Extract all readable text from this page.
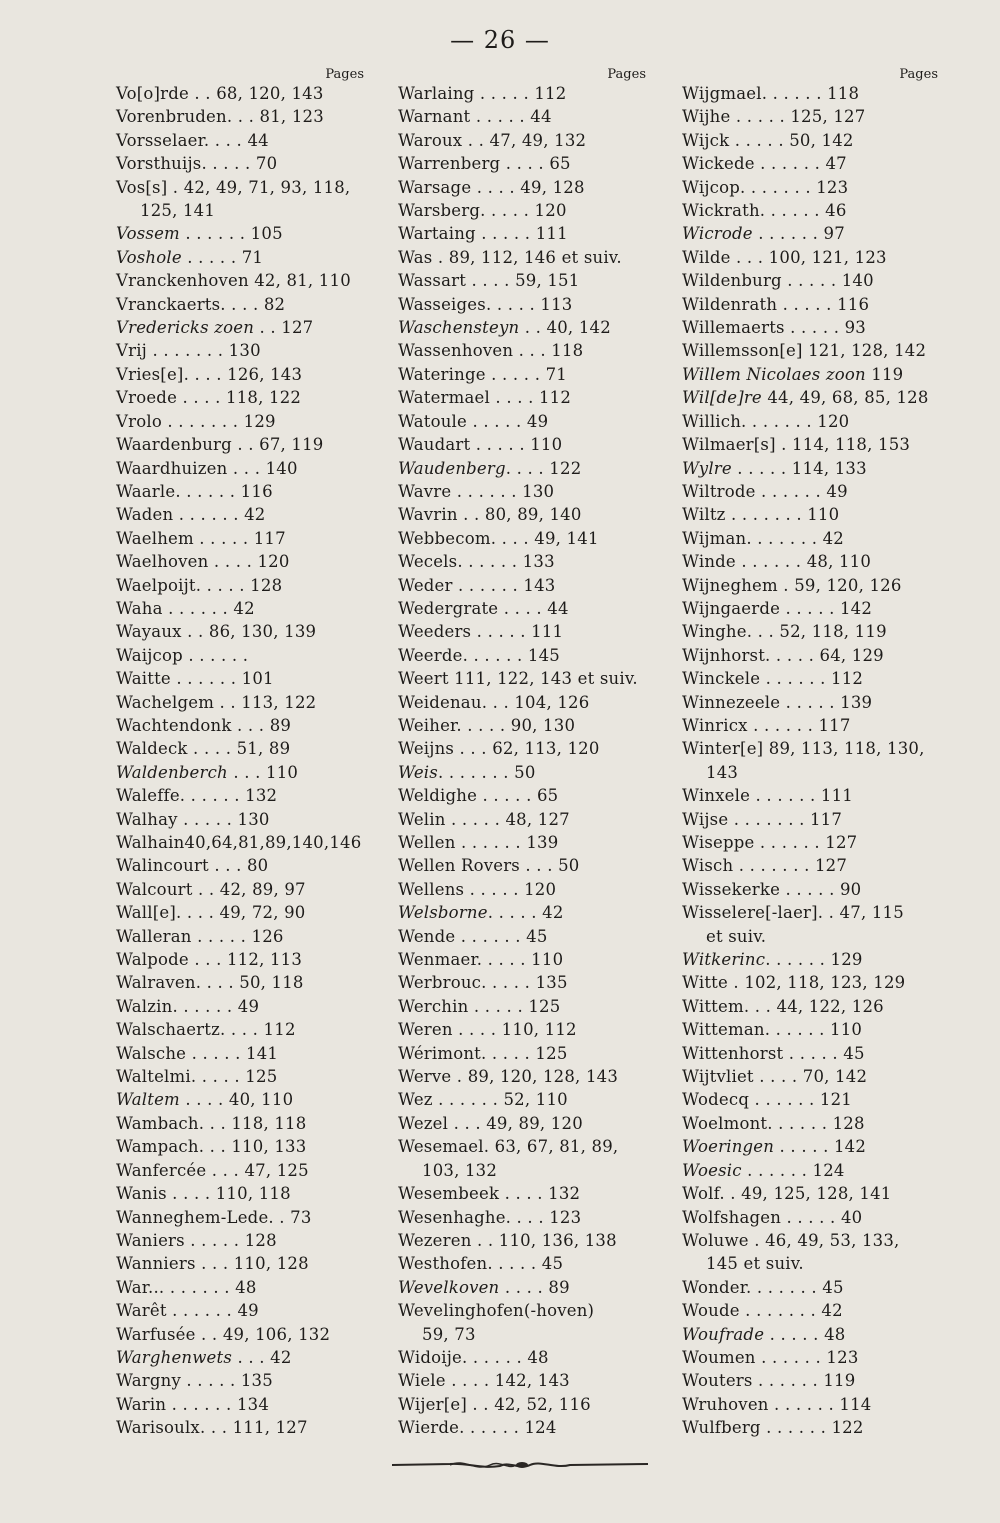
— 26 —
Pages
Vo[o]rde . . 68, 120, 143
Vorenbruden. . . 81, 123
Vorsselaer. . . . 44
Vorsthuijs. . . . . 70
Vos[s] . 42, 49, 71, 93, 118,
125, 141
Vossem . . . . . . 105
Voshole . . . . . 71
Vranckenhoven 42, 81, 110
Vranckaerts. . . . 82
Vredericks zoen . . 127
Vrij . . . . . . . 130
Vries[e]. . . . 126, 143
Vroede . . . . 118, 122
Vrolo . . . . . . . 129
Waardenburg . . 67, 119
Waardhuizen . . . 140
Waarle. . . . . . 116
Waden . . . . . . 42
Waelhem . . . . . 117
Waelhoven . . . . 120
Waelpoijt. . . . . 128
Waha . . . . . . 42
Wayaux . . 86, 130, 139
Waijcop . . . . . .
Waitte . . . . . . 101
Wachelgem . . 113, 122
Wachtendonk . . . 89
Waldeck . . . . 51, 89
Waldenberch . . . 110
Waleffe. . . . . . 132
Walhay . . . . . 130
Walhain40,64,81,89,140,146
Walincourt . . . 80
Walcourt . . 42, 89, 97
Wall[e]. . . . 49, 72, 90
Walleran . . . . . 126
Walpode . . . 112, 113
Walraven. . . . 50, 118
Walzin. . . . . . 49
Walschaertz. . . . 112
Walsche . . . . . 141
Waltelmi. . . . . 125
Waltem . . . . 40, 110
Wambach. . . 118, 118
Wampach. . . 110, 133
Wanfercée . . . 47, 125
Wanis . . . . 110, 118
Wanneghem-Lede. . 73
Waniers . . . . . 128
Wanniers . . . 110, 128
War... . . . . . . 48
Warêt . . . . . . 49
Warfusée . . 49, 106, 132
Warghenwets . . . 42
Wargny . . . . . 135
Warin . . . . . . 134
Warisoulx. . . 111, 127
Pages
Warlaing . . . . . 112
Warnant . . . . . 44
Waroux . . 47, 49, 132
Warrenberg . . . . 65
Warsage . . . . 49, 128
Warsberg. . . . . 120
Wartaing . . . . . 111
Was . 89, 112, 146 et suiv.
Wassart . . . . 59, 151
Wasseiges. . . . . 113
Waschensteyn . . 40, 142
Wassenhoven . . . 118
Wateringe . . . . . 71
Watermael . . . . 112
Watoule . . . . . 49
Waudart . . . . . 110
Waudenberg. . . . 122
Wavre . . . . . . 130
Wavrin . . 80, 89, 140
Webbecom. . . . 49, 141
Wecels. . . . . . 133
Weder . . . . . . 143
Wedergrate . . . . 44
Weeders . . . . . 111
Weerde. . . . . . 145
Weert 111, 122, 143 et suiv.
Weidenau. . . 104, 126
Weiher. . . . . 90, 130
Weijns . . . 62, 113, 120
Weis. . . . . . . 50
Weldighe . . . . . 65
Welin . . . . . 48, 127
Wellen . . . . . . 139
Wellen Rovers . . . 50
Wellens . . . . . 120
Welsborne. . . . . 42
Wende . . . . . . 45
Wenmaer. . . . . 110
Werbrouc. . . . . 135
Werchin . . . . . 125
Weren . . . . 110, 112
Wérimont. . . . . 125
Werve . 89, 120, 128, 143
Wez . . . . . . 52, 110
Wezel . . . 49, 89, 120
Wesemael. 63, 67, 81, 89,
103, 132
Wesembeek . . . . 132
Wesenhaghe. . . . 123
Wezeren . . 110, 136, 138
Westhofen. . . . . 45
Wevelkoven . . . . 89
Wevelinghofen(-hoven)
59, 73
Widoije. . . . . . 48
Wiele . . . . 142, 143
Wijer[e] . . 42, 52, 116
Wierde. . . . . . 124
Pages
Wijgmael. . . . . . 118
Wijhe . . . . . 125, 127
Wijck . . . . . 50, 142
Wickede . . . . . . 47
Wijcop. . . . . . . 123
Wickrath. . . . . . 46
Wicrode . . . . . . 97
Wilde . . . 100, 121, 123
Wildenburg . . . . . 140
Wildenrath . . . . . 116
Willemaerts . . . . . 93
Willemsson[e] 121, 128, 142
Willem Nicolaes zoon 119
Wil[de]re 44, 49, 68, 85, 128
Willich. . . . . . . 120
Wilmaer[s] . 114, 118, 153
Wylre . . . . . 114, 133
Wiltrode . . . . . . 49
Wiltz . . . . . . . 110
Wijman. . . . . . . 42
Winde . . . . . . 48, 110
Wijneghem . 59, 120, 126
Wijngaerde . . . . . 142
Winghe. . . 52, 118, 119
Wijnhorst. . . . . 64, 129
Winckele . . . . . . 112
Winnezeele . . . . . 139
Winricx . . . . . . 117
Winter[e] 89, 113, 118, 130,
143
Winxele . . . . . . 111
Wijse . . . . . . . 117
Wiseppe . . . . . . 127
Wisch . . . . . . . 127
Wissekerke . . . . . 90
Wisselere[-laer]. . 47, 115
et suiv.
Witkerinc. . . . . . 129
Witte . 102, 118, 123, 129
Wittem. . . 44, 122, 126
Witteman. . . . . . 110
Wittenhorst . . . . . 45
Wijtvliet . . . . 70, 142
Wodecq . . . . . . 121
Woelmont. . . . . . 128
Woeringen . . . . . 142
Woesic . . . . . . 124
Wolf. . 49, 125, 128, 141
Wolfshagen . . . . . 40
Woluwe . 46, 49, 53, 133,
145 et suiv.
Wonder. . . . . . . 45
Woude . . . . . . . 42
Woufrade . . . . . 48
Woumen . . . . . . 123
Wouters . . . . . . 119
Wruhoven . . . . . . 114
Wulfberg . . . . . . 122
